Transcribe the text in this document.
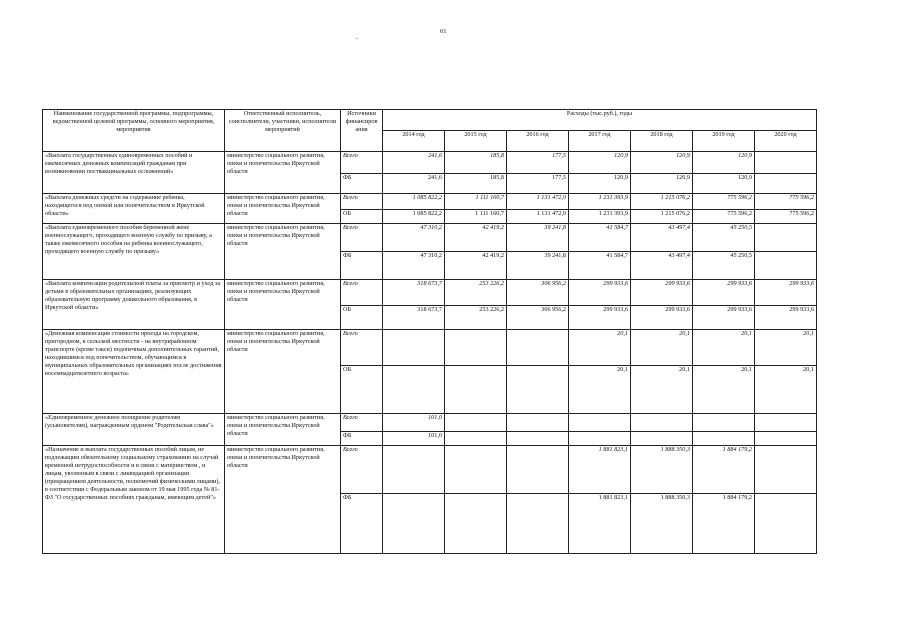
61
-
Наименование государственной программы, подпрограммы, ведомственной целевой программы, основного мероприятия, мероприятия	Ответственный исполнитель, соисполнители, участники, исполнители мероприятий	Источники финансиров ания	Расходы (тыс.руб.), годы						
			2014 год	2015 год	2016 год	2017 год	2018 год	2019 год	2020 год
«Выплата государственных единовременных пособий и ежемесячных денежных компенсаций гражданам при возникновении поствакцинальных осложнений»	министерство социального развития, опеки и попечительства Иркутской области	Всего	241,6	185,8	177,5	120,9	120,9	120,9	
		ФБ	241,6	185,8	177,5	120,9	120,9	120,9	
«Выплата денежных средств на содержание ребенка, находящегося под опекой или попечительством в Иркутской области»	министерство социального развития, опеки и попечительства Иркутской области	Всего	1 085 822,2	1 111 160,7	1 131 472,0	1 231 393,9	1 215 076,2	775 596,2	775 596,2
		ОБ	1 085 822,2	1 111 160,7	1 131 472,0	1 231 393,9	1 215 076,2	775 596,2	775 596,2
«Выплата единовременного пособия беременной жене военнослужащего, проходящего военную службу по призыву, а также ежемесячного пособия на ребенка военнослужащего, проходящего военную службу по призыву»	министерство социального развития, опеки и попечительства Иркутской области	Всего	47 310,2	42 419,2	39 241,8	41 584,7	43 497,4	45 250,5	
		ФБ	47 310,2	42 419,2	39 241,8	41 584,7	43 497,4	45 250,5	
«Выплата компенсации родительской платы за присмотр и уход за детьми в образовательных организациях, реализующих образовательную программу дошкольного образования, в Иркутской области»	министерство социального развития, опеки и попечительства Иркутской области	Всего	318 673,7	253 226,2	306 956,2	299 933,6	299 933,6	299 933,6	299 933,6
		ОБ	318 673,7	253 226,2	306 956,2	299 933,6	299 933,6	299 933,6	299 933,6
«Денежная компенсация стоимости проезда на городском, пригородном, в сельской местности - на внутрирайонном транспорте (кроме такси) подопечным дополнительных гарантий, находившимся под попечительством, обучающимся в муниципальных образовательных организациях после достижения восемнадцатилетнего возраста»	министерство социального развития, опеки и попечительства Иркутской области	Всего				20,1	20,1	20,1	20,1
		ОБ				20,1	20,1	20,1	20,1
«Единовременное денежное поощрение родителям (усыновителям), награжденным орденом "Родительская слава"»	министерство социального развития, опеки и попечительства Иркутской области	Всего	101,0						
		ФБ	101,0						
«Назначение и выплата государственных пособий лицам, не подлежащим обязательному социальному страхованию на случай временной нетрудоспособности и в связи с материнством , и лицам, уволенным в связи с ликвидацией организации (прекращением деятельности, полномочий физическими лицами), в соответствии с Федеральным законом от 19 мая 1995 года № 81-ФЗ "О государственных пособиях гражданам, имеющим детей"»	министерство социального развития, опеки и попечительства Иркутской области	Всего				1 881 823,1	1 888 350,3	1 884 179,2	
		ФБ				1 881 823,1	1 888 350,3	1 884 179,2	
